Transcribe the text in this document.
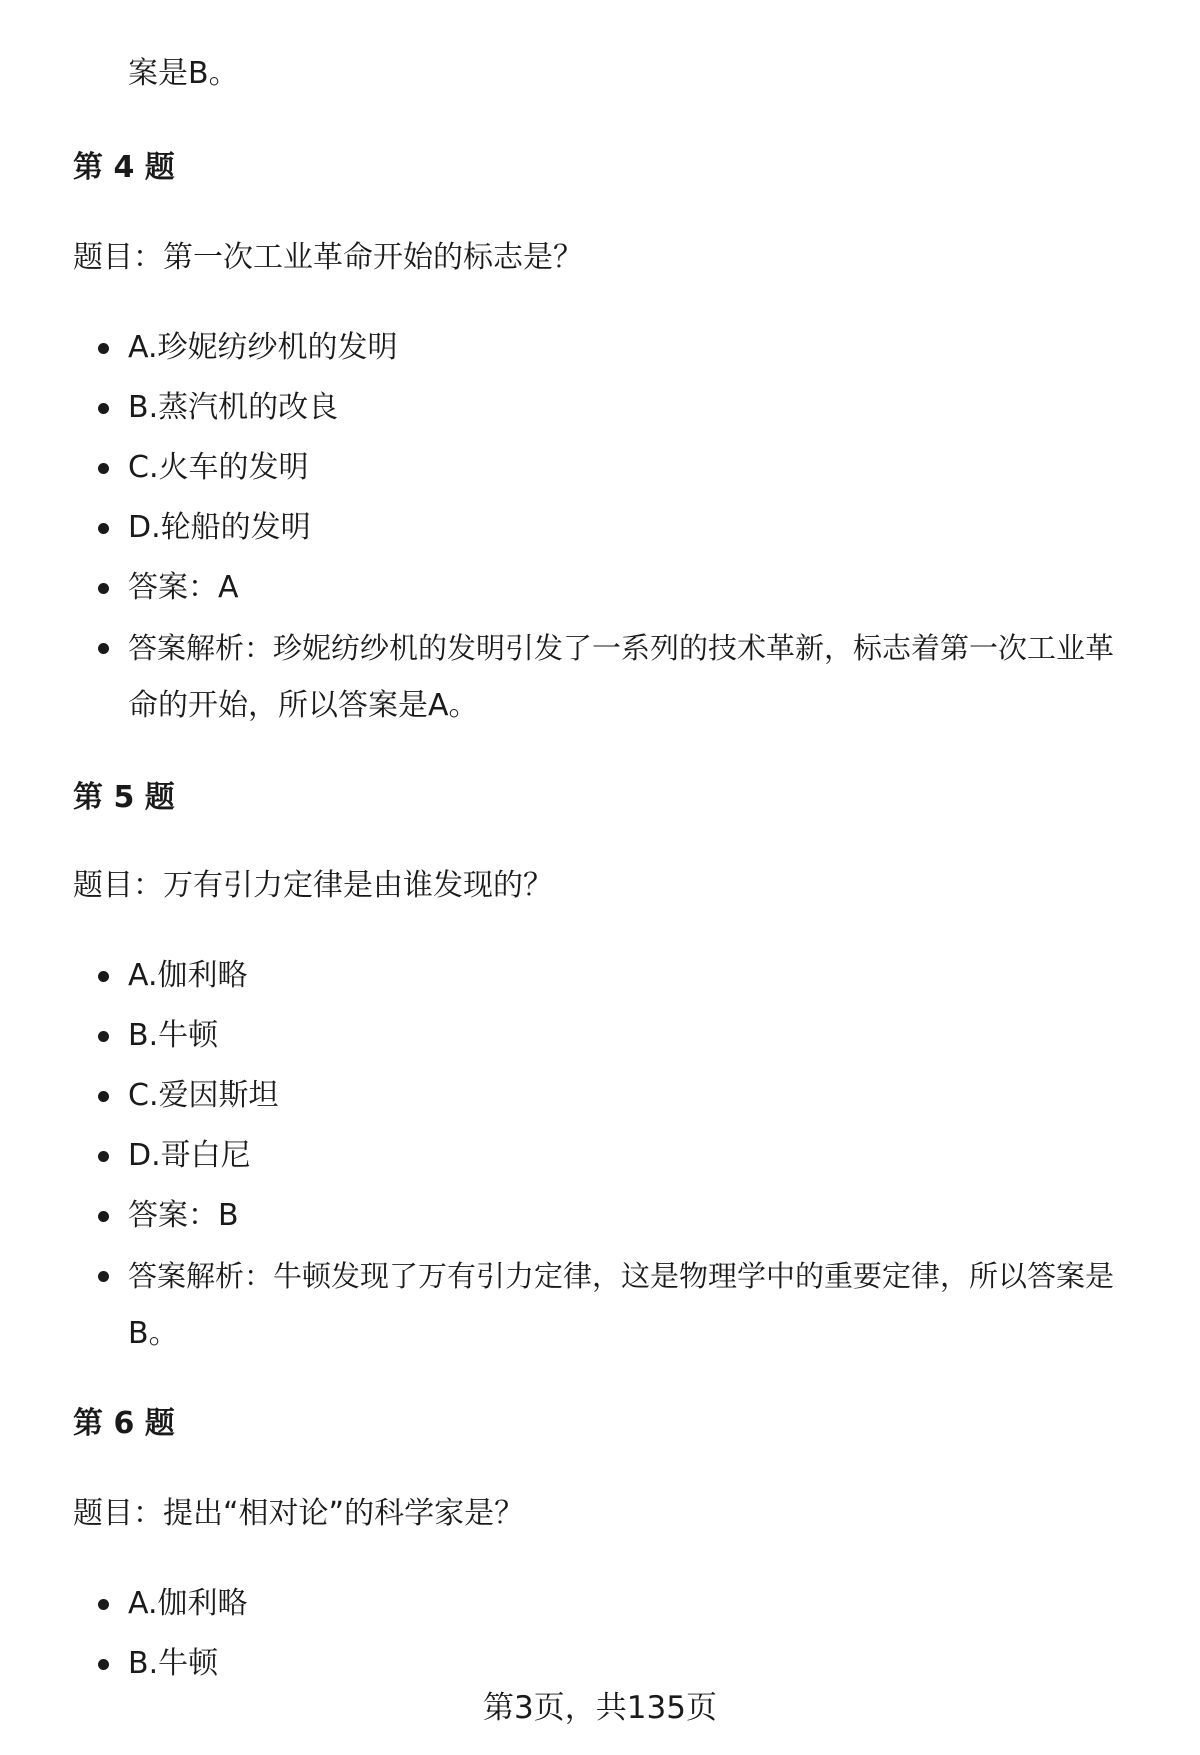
案是B。
第 4 题
题目：第一次工业革命开始的标志是？
A.珍妮纺纱机的发明
B.蒸汽机的改良
C.火车的发明
D.轮船的发明
答案：A
答案解析：珍妮纺纱机的发明引发了一系列的技术革新，标志着第一次工业革
命的开始，所以答案是A。
第 5 题
题目：万有引力定律是由谁发现的？
A.伽利略
B.牛顿
C.爱因斯坦
D.哥白尼
答案：B
答案解析：牛顿发现了万有引力定律，这是物理学中的重要定律，所以答案是
B。
第 6 题
题目：提出“相对论”的科学家是？
A.伽利略
B.牛顿
第3页，共135页
